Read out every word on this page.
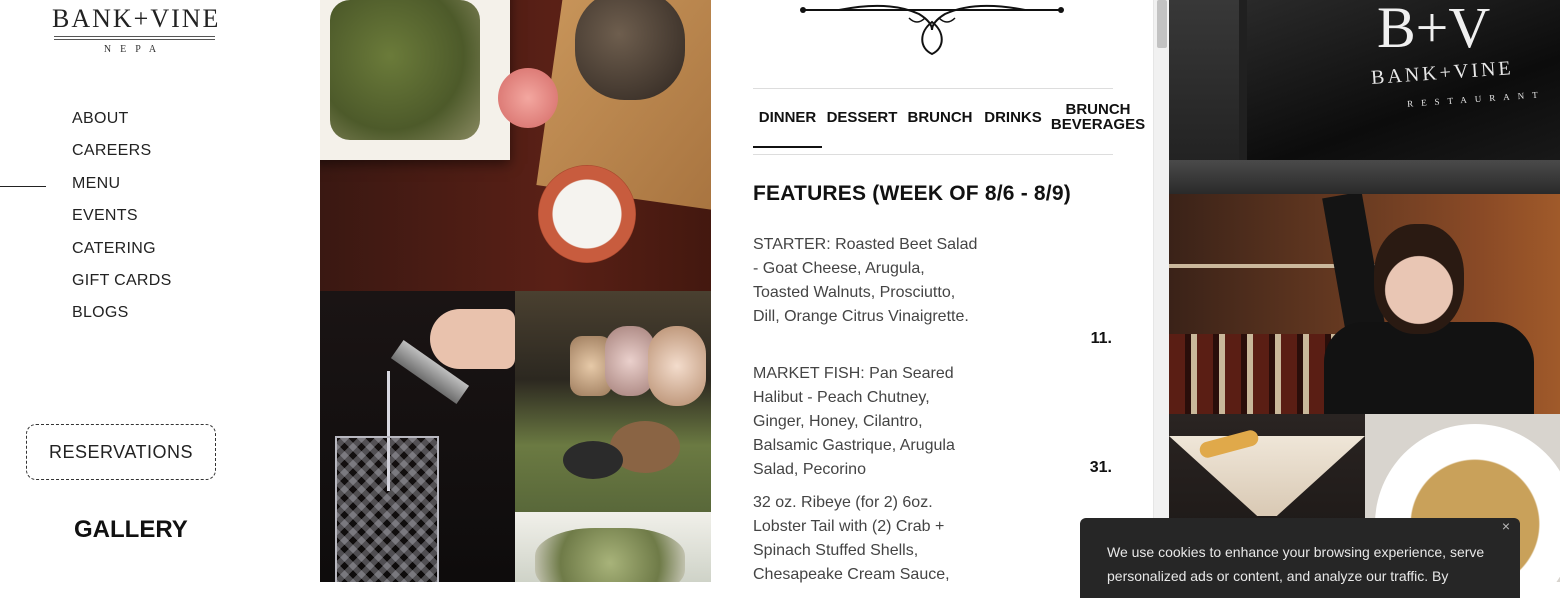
BANK+VINE
NEPA
ABOUT
CAREERS
MENU
EVENTS
CATERING
GIFT CARDS
BLOGS
RESERVATIONS
GALLERY
DINNER DESSERT BRUNCH DRINKS	BRUNCH BEVERAGES
FEATURES (WEEK OF 8/6 - 8/9)
STARTER: Roasted Beet Salad - Goat Cheese, Arugula, Toasted Walnuts, Prosciutto, Dill, Orange Citrus Vinaigrette.
11.
MARKET FISH: Pan Seared Halibut - Peach Chutney, Ginger, Honey, Cilantro, Balsamic Gastrique, Arugula Salad, Pecorino	31.
32 oz. Ribeye (for 2) 6oz. Lobster Tail with (2) Crab + Spinach Stuffed Shells, Chesapeake Cream Sauce,
B+V
BANK+VINE
RESTAURANT
×
We use cookies to enhance your browsing experience, serve personalized ads or content, and analyze our traffic. By
